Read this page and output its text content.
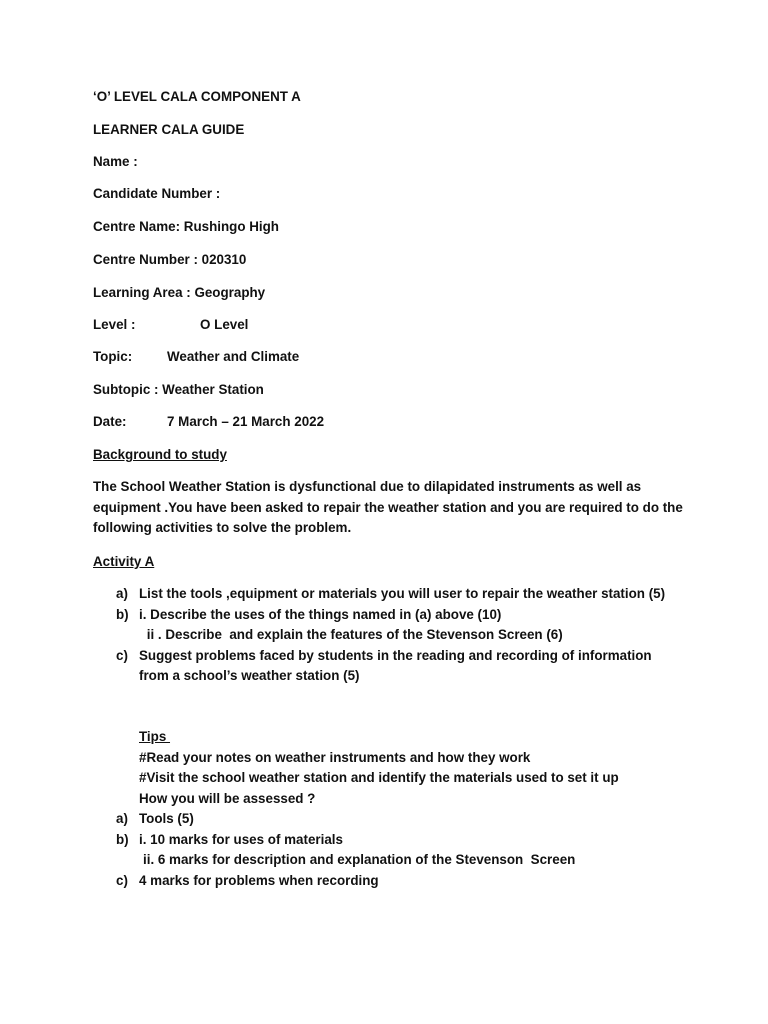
‘O’ LEVEL CALA COMPONENT A
LEARNER CALA GUIDE
Name :
Candidate Number :
Centre Name: Rushingo High
Centre Number : 020310
Learning Area : Geography
Level :	O Level
Topic:	Weather and Climate
Subtopic : Weather Station
Date:	7 March – 21 March 2022
Background to study
The School Weather Station is dysfunctional due to dilapidated instruments as well as equipment .You have been asked to repair the weather station and you are required to do the following activities to solve the problem.
Activity A
a) List the tools ,equipment or materials you will user to repair the weather station (5)
b) i. Describe the uses of the things named in (a) above (10)
ii . Describe  and explain the features of the Stevenson Screen (6)
c) Suggest problems faced by students in the reading and recording of information from a school’s weather station (5)
Tips
#Read your notes on weather instruments and how they work
#Visit the school weather station and identify the materials used to set it up
How you will be assessed ?
a) Tools (5)
b) i. 10 marks for uses of materials
ii. 6 marks for description and explanation of the Stevenson  Screen
c) 4 marks for problems when recording
